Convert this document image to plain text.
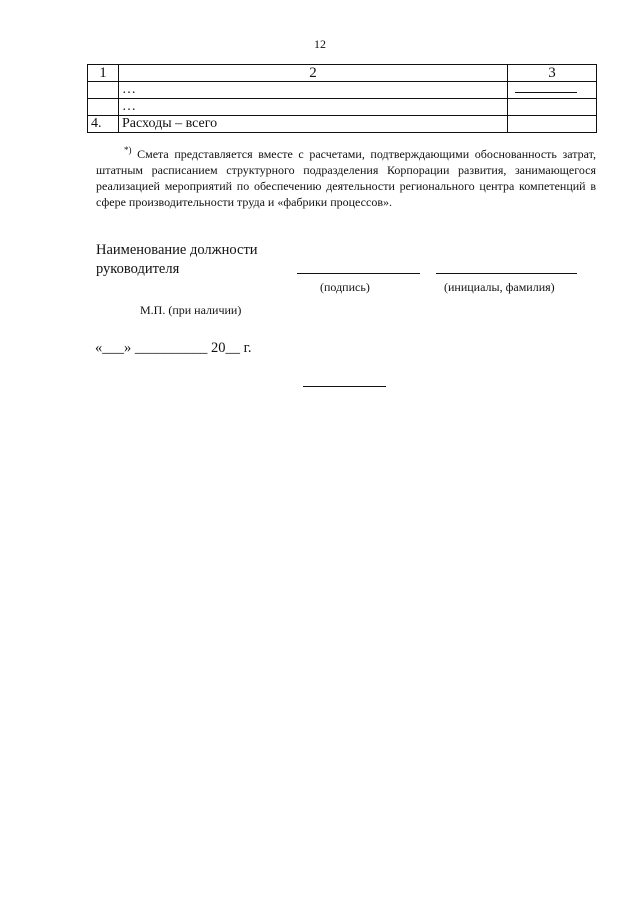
12
1	2	3
	…	
	…	
4.	Расходы – всего	

*) Смета представляется вместе с расчетами, подтверждающими обоснованность затрат, штатным расписанием структурного подразделения Корпорации развития, занимающегося реализацией мероприятий по обеспечению деятельности регионального центра компетенций в сфере производительности труда и «фабрики процессов».

Наименование должности
руководителя
(подпись)	(инициалы, фамилия)
М.П. (при наличии)
«___» __________ 20__ г.
